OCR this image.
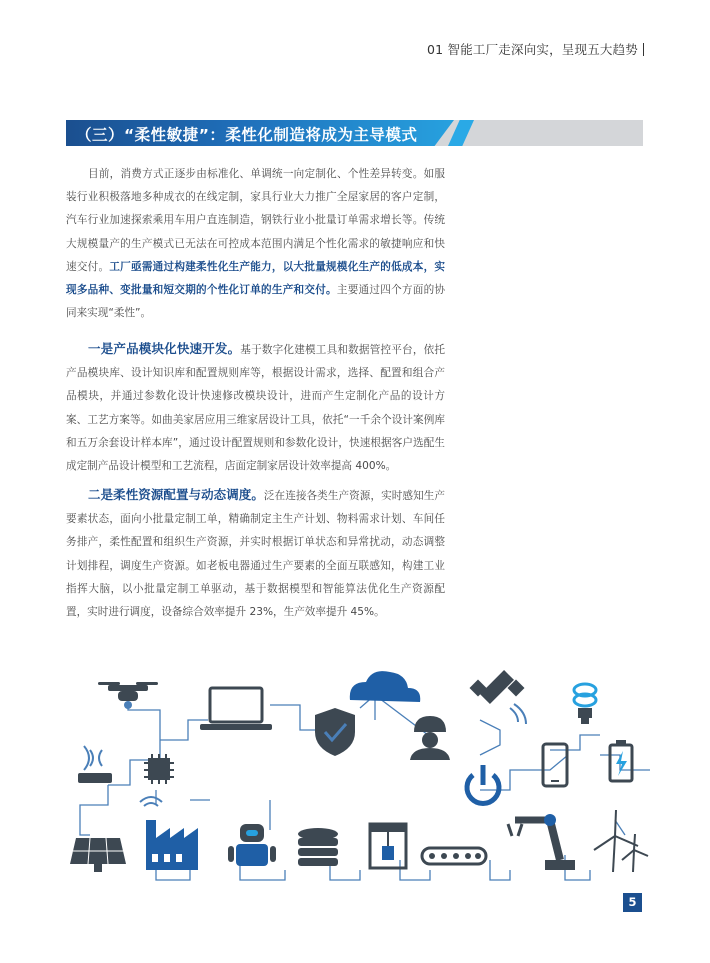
01 智能工厂走深向实，呈现五大趋势
（三）“柔性敏捷”：柔性化制造将成为主导模式

目前，消费方式正逐步由标准化、单调统一向定制化、个性差异转变。如服装行业积极落地多种成衣的在线定制，家具行业大力推广全屋家居的客户定制，汽车行业加速探索乘用车用户直连制造，钢铁行业小批量订单需求增长等。传统大规模量产的生产模式已无法在可控成本范围内满足个性化需求的敏捷响应和快速交付。工厂亟需通过构建柔性化生产能力，以大批量规模化生产的低成本，实现多品种、变批量和短交期的个性化订单的生产和交付。主要通过四个方面的协同来实现“柔性”。

一是产品模块化快速开发。基于数字化建模工具和数据管控平台，依托产品模块库、设计知识库和配置规则库等，根据设计需求，选择、配置和组合产品模块，并通过参数化设计快速修改模块设计，进而产生定制化产品的设计方案、工艺方案等。如曲美家居应用三维家居设计工具，依托“一千余个设计案例库和五万余套设计样本库”，通过设计配置规则和参数化设计，快速根据客户选配生成定制产品设计模型和工艺流程，店面定制家居设计效率提高 400%。

二是柔性资源配置与动态调度。泛在连接各类生产资源，实时感知生产要素状态，面向小批量定制工单，精确制定主生产计划、物料需求计划、车间任务排产，柔性配置和组织生产资源，并实时根据订单状态和异常扰动，动态调整计划排程，调度生产资源。如老板电器通过生产要素的全面互联感知，构建工业指挥大脑，以小批量定制工单驱动，基于数据模型和智能算法优化生产资源配置，实时进行调度，设备综合效率提升 23%，生产效率提升 45%。

5
